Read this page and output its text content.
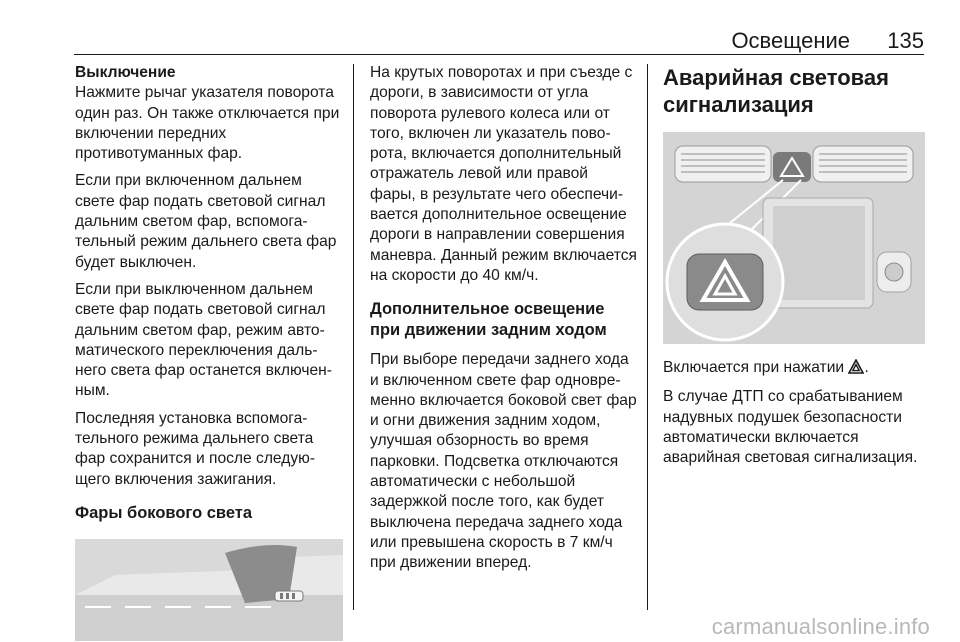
Освещение 135

Выключение

Нажмите рычаг указателя поворота один раз. Он также отключается при включении передних противотуманных фар.

Если при включенном дальнем свете фар подать световой сигнал дальним светом фар, вспомогательный режим дальнего света фар будет выключен.

Если при выключенном дальнем свете фар подать световой сигнал дальним светом фар, режим автоматического переключения дальнего света фар останется включенным.

Последняя установка вспомогательного режима дальнего света фар сохранится и после следующего включения зажигания.

Фары бокового света

На крутых поворотах и при съезде с дороги, в зависимости от угла поворота рулевого колеса или от того, включен ли указатель поворота, включается дополнительный отражатель левой или правой фары, в результате чего обеспечивается дополнительное освещение дороги в направлении совершения маневра. Данный режим включается на скорости до 40 км/ч.

Дополнительное освещение при движении задним ходом

При выборе передачи заднего хода и включенном свете фар одновременно включается боковой свет фар и огни движения задним ходом, улучшая обзорность во время парковки. Подсветка отключаются автоматически с небольшой задержкой после того, как будет выключена передача заднего хода или превышена скорость в 7 км/ч при движении вперед.

Аварийная световая сигнализация

Включается при нажатии .

В случае ДТП со срабатыванием надувных подушек безопасности автоматически включается аварийная световая сигнализация.

carmanualsonline.info
